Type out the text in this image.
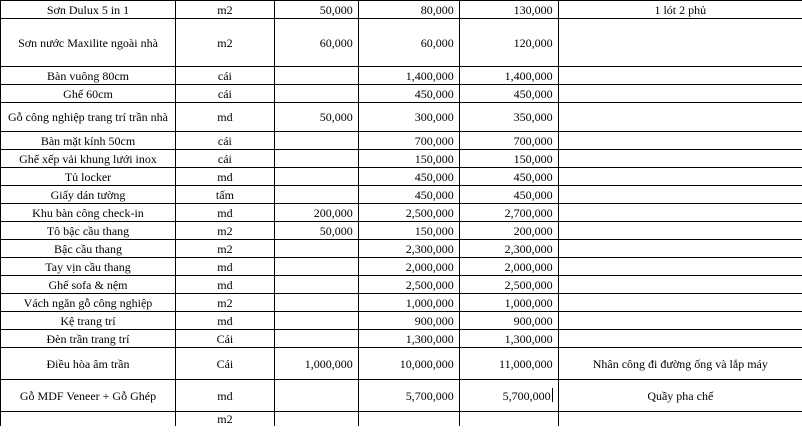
Sơn Dulux 5 in 1	m2	50,000	80,000	130,000	1 lót 2 phủ
Sơn nước Maxilite ngoài nhà	m2	60,000	60,000	120,000	
Bàn vuông 80cm	cái		1,400,000	1,400,000	
Ghế 60cm	cái		450,000	450,000	
Gỗ công nghiệp trang trí trần nhà	md	50,000	300,000	350,000	
Bàn mặt kính 50cm	cái		700,000	700,000	
Ghế xếp vải khung lưới inox	cái		150,000	150,000	
Tủ locker	md		450,000	450,000	
Giấy dán tường	tấm		450,000	450,000	
Khu bàn công check-in	md	200,000	2,500,000	2,700,000	
Tô bậc cầu thang	m2	50,000	150,000	200,000	
Bậc cầu thang	m2		2,300,000	2,300,000	
Tay vịn cầu thang	md		2,000,000	2,000,000	
Ghế sofa & nệm	md		2,500,000	2,500,000	
Vách ngăn gỗ công nghiệp	m2		1,000,000	1,000,000	
Kệ trang trí	md		900,000	900,000	
Đèn trần trang trí	Cái		1,300,000	1,300,000	
Điều hòa âm trần	Cái	1,000,000	10,000,000	11,000,000	Nhân công đi đường ống và lắp máy
Gỗ MDF Veneer + Gỗ Ghép	md		5,700,000	5,700,000	Quầy pha chế
	m2				
